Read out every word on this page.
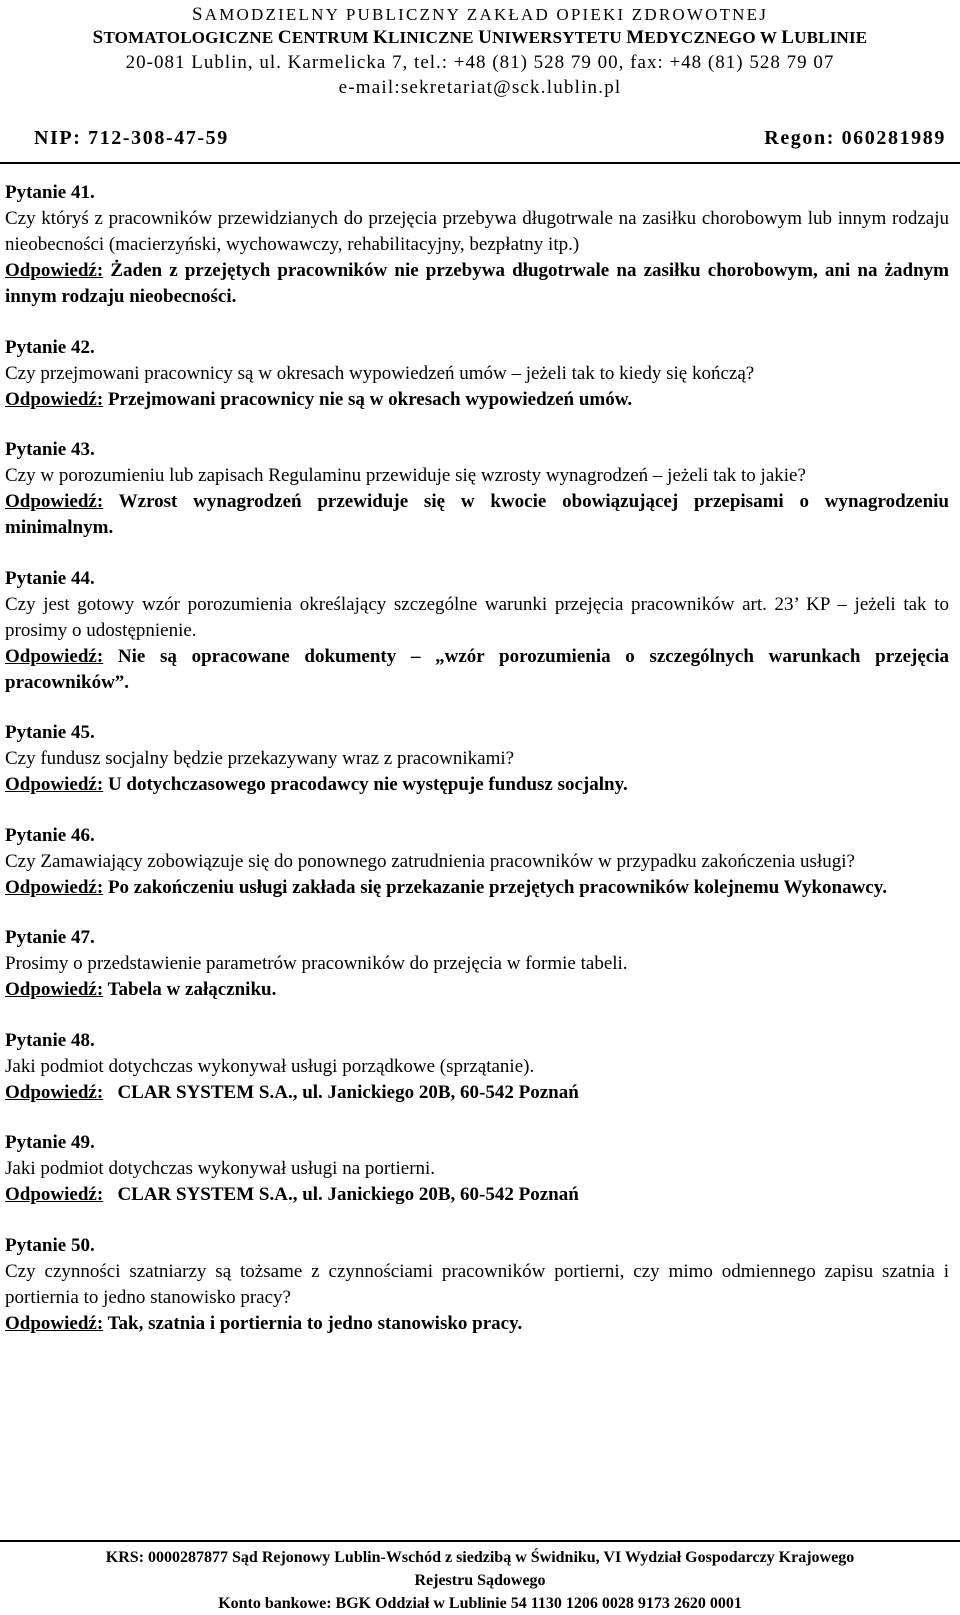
SAMODZIELNY PUBLICZNY ZAKŁAD OPIEKI ZDROWOTNEJ
STOMATOLOGICZNE CENTRUM KLINICZNE UNIWERSYTETU MEDYCZNEGO W LUBLINIE
20-081 Lublin, ul. Karmelicka 7, tel.: +48 (81) 528 79 00, fax: +48 (81) 528 79 07
e-mail:sekretariat@sck.lublin.pl
NIP: 712-308-47-59	Regon: 060281989
Pytanie 41.

Czy któryś z pracowników przewidzianych do przejęcia przebywa długotrwale na zasiłku chorobowym lub innym rodzaju nieobecności (macierzyński, wychowawczy, rehabilitacyjny, bezpłatny itp.)

Odpowiedź: Żaden z przejętych pracowników nie przebywa długotrwale na zasiłku chorobowym, ani na żadnym innym rodzaju nieobecności.

Pytanie 42.

Czy przejmowani pracownicy są w okresach wypowiedzeń umów – jeżeli tak to kiedy się kończą?

Odpowiedź: Przejmowani pracownicy nie są w okresach wypowiedzeń umów.

Pytanie 43.

Czy w porozumieniu lub zapisach Regulaminu przewiduje się wzrosty wynagrodzeń – jeżeli tak to jakie?

Odpowiedź: Wzrost wynagrodzeń przewiduje się w kwocie obowiązującej przepisami o wynagrodzeniu minimalnym.

Pytanie 44.

Czy jest gotowy wzór porozumienia określający szczególne warunki przejęcia pracowników art. 23’ KP – jeżeli tak to prosimy o udostępnienie.

Odpowiedź: Nie są opracowane dokumenty – „wzór porozumienia o szczególnych warunkach przejęcia pracowników”.

Pytanie 45.

Czy fundusz socjalny będzie przekazywany wraz z pracownikami?

Odpowiedź: U dotychczasowego pracodawcy nie występuje fundusz socjalny.

Pytanie 46.

Czy Zamawiający zobowiązuje się do ponownego zatrudnienia pracowników w przypadku zakończenia usługi?

Odpowiedź: Po zakończeniu usługi zakłada się przekazanie przejętych pracowników kolejnemu Wykonawcy.

Pytanie 47.

Prosimy o przedstawienie parametrów pracowników do przejęcia w formie tabeli.

Odpowiedź: Tabela w załączniku.

Pytanie 48.

Jaki podmiot dotychczas wykonywał usługi porządkowe (sprzątanie).

Odpowiedź:   CLAR SYSTEM S.A., ul. Janickiego 20B, 60-542 Poznań

Pytanie 49.

Jaki podmiot dotychczas wykonywał usługi na portierni.

Odpowiedź:   CLAR SYSTEM S.A., ul. Janickiego 20B, 60-542 Poznań

Pytanie 50.

Czy czynności szatniarzy są tożsame z czynnościami pracowników portierni, czy mimo odmiennego zapisu szatnia i portiernia to jedno stanowisko pracy?

Odpowiedź: Tak, szatnia i portiernia to jedno stanowisko pracy.

KRS: 0000287877 Sąd Rejonowy Lublin-Wschód z siedzibą w Świdniku, VI Wydział Gospodarczy Krajowego
Rejestru Sądowego
Konto bankowe: BGK Oddział w Lublinie 54 1130 1206 0028 9173 2620 0001
